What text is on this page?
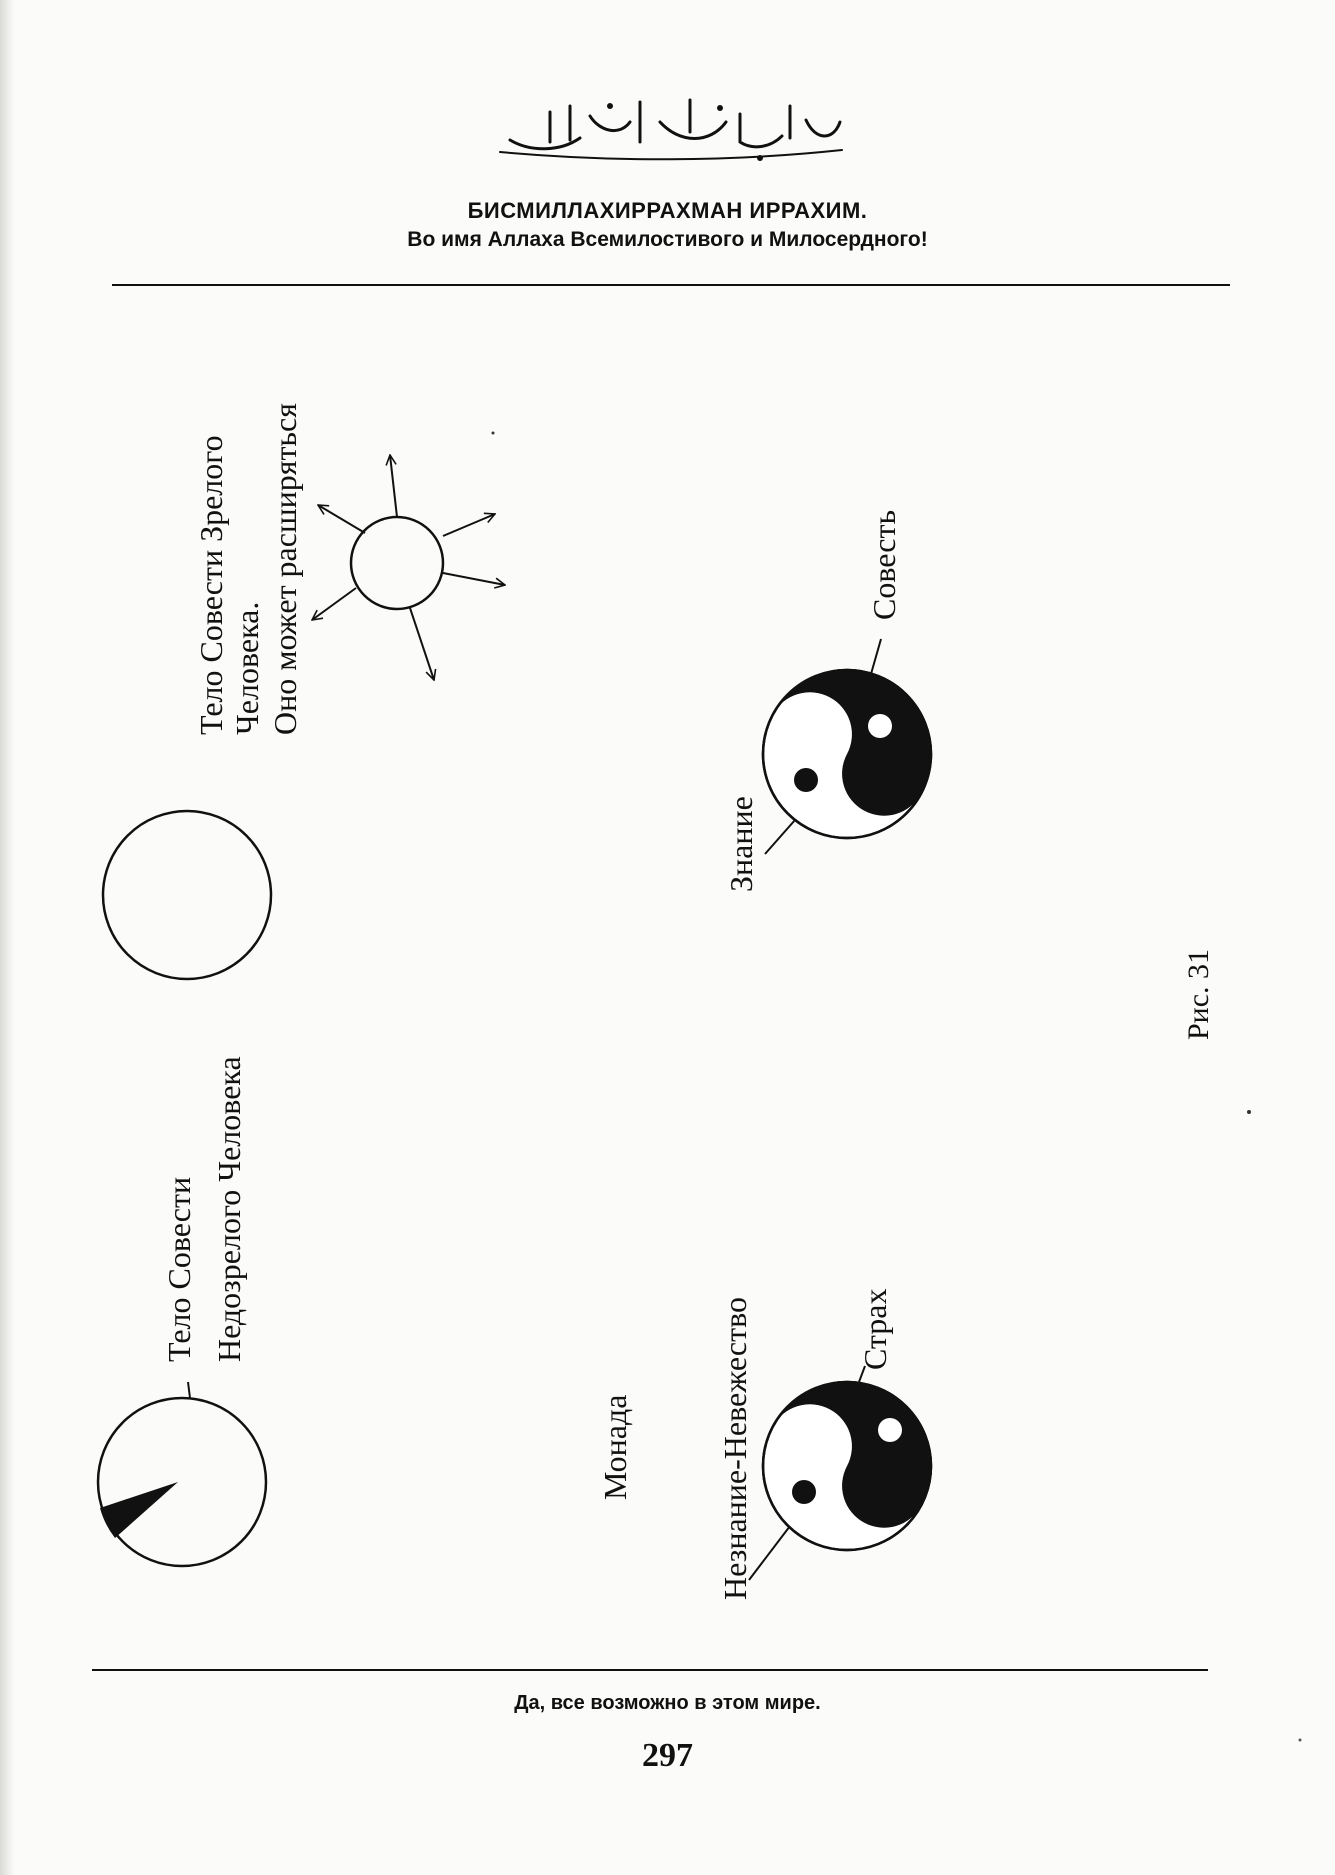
БИСМИЛЛАХИРРАХМАН ИРРАХИМ.
Во имя Аллаха Всемилостивого и Милосердного!
Тело Совести Зрелого Человека. Оно может расширяться
Тело Совести Недозрелого Человека
Совесть
Знание
Страх
Незнание-Невежество
Монада
Рис. 31
Да, все возможно в этом мире.
297
